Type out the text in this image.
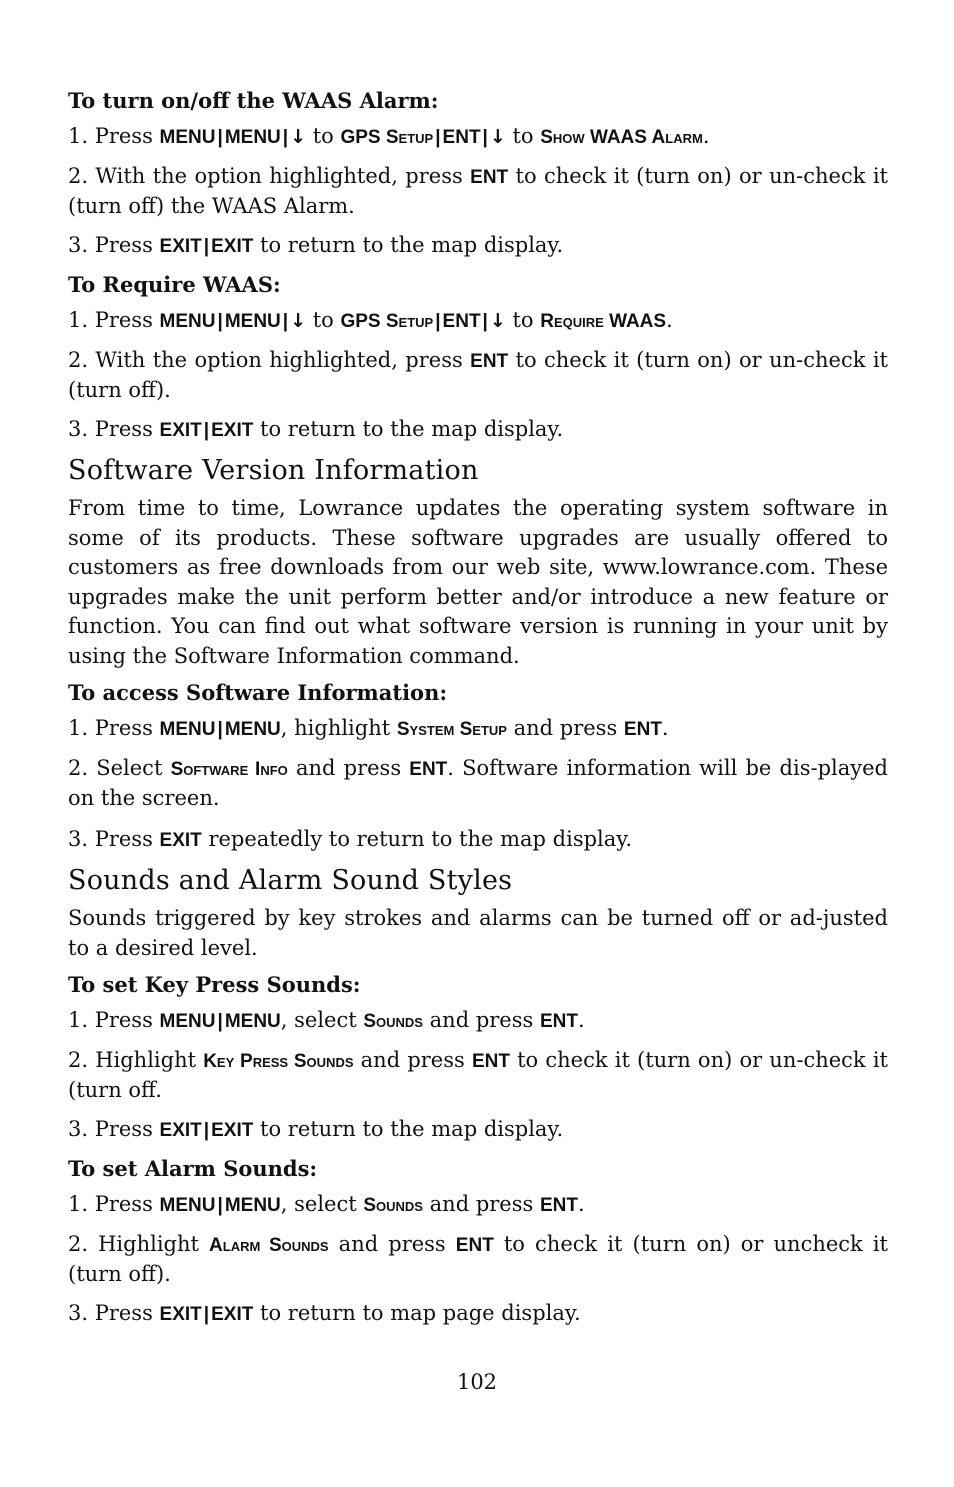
To turn on/off the WAAS Alarm:
1. Press MENU | MENU | ↓ to GPS Setup | ENT | ↓ to Show WAAS Alarm.
2. With the option highlighted, press ENT to check it (turn on) or un-check it (turn off) the WAAS Alarm.
3. Press EXIT | EXIT to return to the map display.
To Require WAAS:
1. Press MENU | MENU | ↓ to GPS Setup | ENT | ↓ to Require WAAS.
2. With the option highlighted, press ENT to check it (turn on) or un-check it (turn off).
3. Press EXIT | EXIT to return to the map display.
Software Version Information
From time to time, Lowrance updates the operating system software in some of its products. These software upgrades are usually offered to customers as free downloads from our web site, www.lowrance.com. These upgrades make the unit perform better and/or introduce a new feature or function. You can find out what software version is running in your unit by using the Software Information command.
To access Software Information:
1. Press MENU | MENU, highlight System Setup and press ENT.
2. Select Software Info and press ENT. Software information will be dis-played on the screen.
3. Press EXIT repeatedly to return to the map display.
Sounds and Alarm Sound Styles
Sounds triggered by key strokes and alarms can be turned off or ad-justed to a desired level.
To set Key Press Sounds:
1. Press MENU | MENU, select Sounds and press ENT.
2. Highlight Key Press Sounds and press ENT to check it (turn on) or un-check it (turn off.
3. Press EXIT | EXIT to return to the map display.
To set Alarm Sounds:
1. Press MENU | MENU, select Sounds and press ENT.
2. Highlight Alarm Sounds and press ENT to check it (turn on) or uncheck it (turn off).
3. Press EXIT | EXIT to return to map page display.
102
